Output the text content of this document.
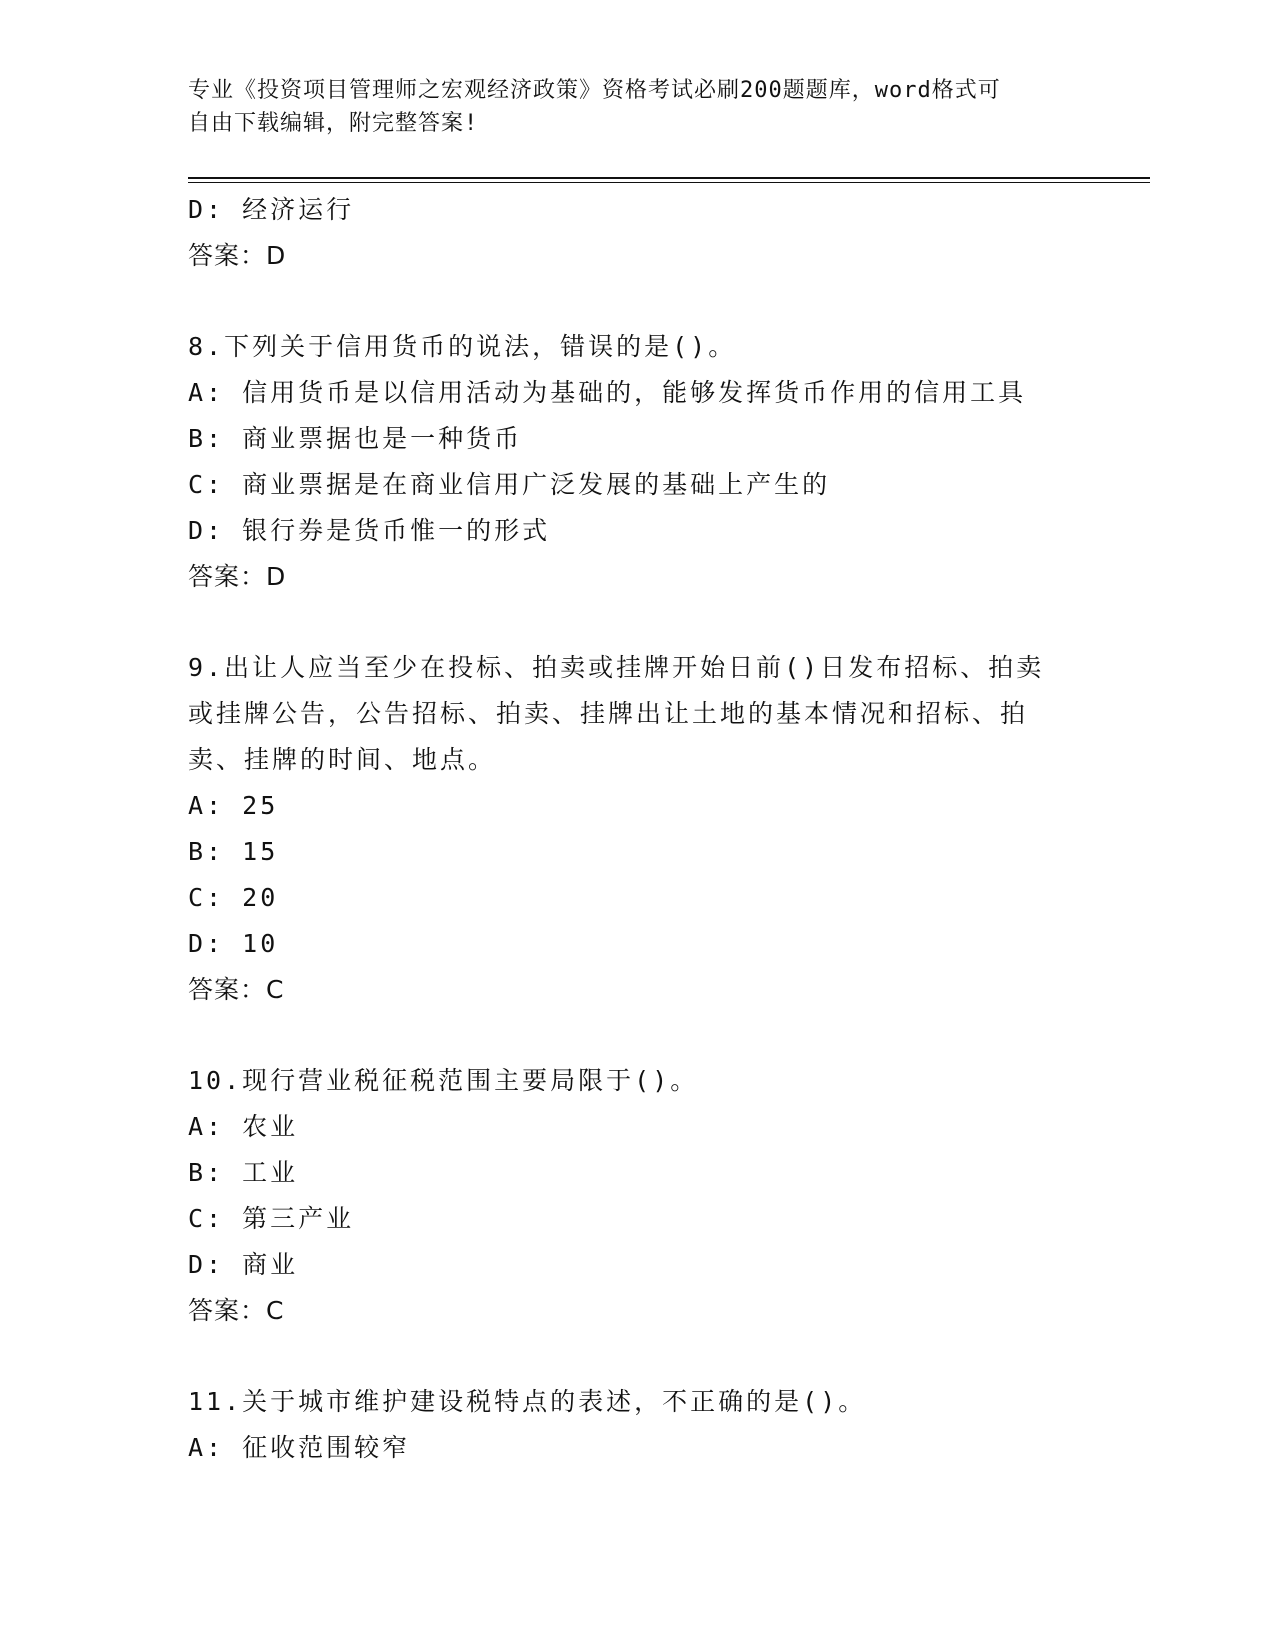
专业《投资项目管理师之宏观经济政策》资格考试必刷200题题库，word格式可
自由下载编辑，附完整答案!
D: 经济运行
答案：D
8.下列关于信用货币的说法，错误的是()。
A: 信用货币是以信用活动为基础的，能够发挥货币作用的信用工具
B: 商业票据也是一种货币
C: 商业票据是在商业信用广泛发展的基础上产生的
D: 银行券是货币惟一的形式
答案：D
9.出让人应当至少在投标、拍卖或挂牌开始日前()日发布招标、拍卖
或挂牌公告，公告招标、拍卖、挂牌出让土地的基本情况和招标、拍
卖、挂牌的时间、地点。
A: 25
B: 15
C: 20
D: 10
答案：C
10.现行营业税征税范围主要局限于()。
A: 农业
B: 工业
C: 第三产业
D: 商业
答案：C
11.关于城市维护建设税特点的表述，不正确的是()。
A: 征收范围较窄
